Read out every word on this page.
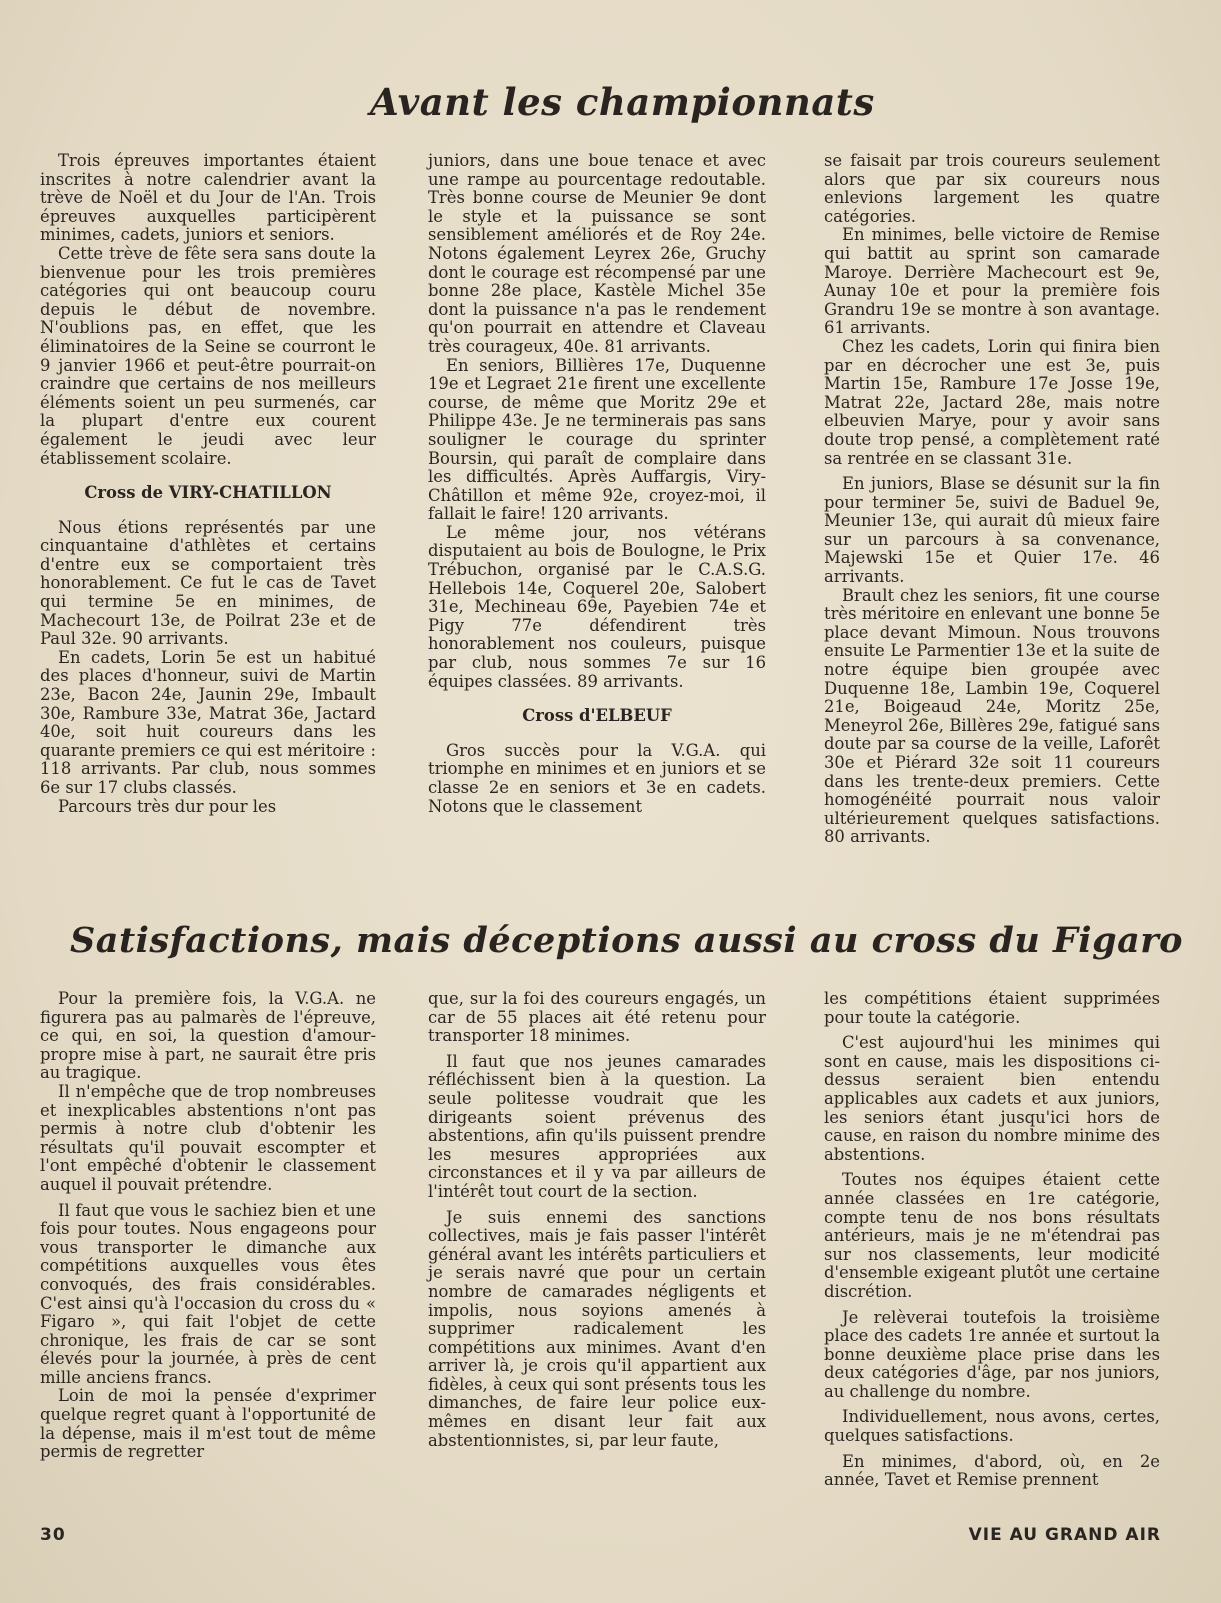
Avant les championnats

Trois épreuves importantes étaient inscrites à notre calendrier avant la trève de Noël et du Jour de l'An. Trois épreuves auxquelles participèrent minimes, cadets, juniors et seniors.

Cette trève de fête sera sans doute la bienvenue pour les trois premières catégories qui ont beaucoup couru depuis le début de novembre. N'oublions pas, en effet, que les éliminatoires de la Seine se courront le 9 janvier 1966 et peut-être pourrait-on craindre que certains de nos meilleurs éléments soient un peu surmenés, car la plupart d'entre eux courent également le jeudi avec leur établissement scolaire.

Cross de VIRY-CHATILLON

Nous étions représentés par une cinquantaine d'athlètes et certains d'entre eux se comportaient très honorablement. Ce fut le cas de Tavet qui termine 5e en minimes, de Machecourt 13e, de Poilrat 23e et de Paul 32e. 90 arrivants.

En cadets, Lorin 5e est un habitué des places d'honneur, suivi de Martin 23e, Bacon 24e, Jaunin 29e, Imbault 30e, Rambure 33e, Matrat 36e, Jactard 40e, soit huit coureurs dans les quarante premiers ce qui est méritoire : 118 arrivants. Par club, nous sommes 6e sur 17 clubs classés.

Parcours très dur pour les

juniors, dans une boue tenace et avec une rampe au pourcentage redoutable. Très bonne course de Meunier 9e dont le style et la puissance se sont sensiblement améliorés et de Roy 24e. Notons également Leyrex 26e, Gruchy dont le courage est récompensé par une bonne 28e place, Kastèle Michel 35e dont la puissance n'a pas le rendement qu'on pourrait en attendre et Claveau très courageux, 40e. 81 arrivants.

En seniors, Billières 17e, Duquenne 19e et Legraet 21e firent une excellente course, de même que Moritz 29e et Philippe 43e. Je ne terminerais pas sans souligner le courage du sprinter Boursin, qui paraît de complaire dans les difficultés. Après Auffargis, Viry-Châtillon et même 92e, croyez-moi, il fallait le faire! 120 arrivants.

Le même jour, nos vétérans disputaient au bois de Boulogne, le Prix Trébuchon, organisé par le C.A.S.G. Hellebois 14e, Coquerel 20e, Salobert 31e, Mechineau 69e, Payebien 74e et Pigy 77e défendirent très honorablement nos couleurs, puisque par club, nous sommes 7e sur 16 équipes classées. 89 arrivants.

Cross d'ELBEUF

Gros succès pour la V.G.A. qui triomphe en minimes et en juniors et se classe 2e en seniors et 3e en cadets. Notons que le classement

se faisait par trois coureurs seulement alors que par six coureurs nous enlevions largement les quatre catégories.

En minimes, belle victoire de Remise qui battit au sprint son camarade Maroye. Derrière Machecourt est 9e, Aunay 10e et pour la première fois Grandru 19e se montre à son avantage. 61 arrivants.

Chez les cadets, Lorin qui finira bien par en décrocher une est 3e, puis Martin 15e, Rambure 17e Josse 19e, Matrat 22e, Jactard 28e, mais notre elbeuvien Marye, pour y avoir sans doute trop pensé, a complètement raté sa rentrée en se classant 31e.

En juniors, Blase se désunit sur la fin pour terminer 5e, suivi de Baduel 9e, Meunier 13e, qui aurait dû mieux faire sur un parcours à sa convenance, Majewski 15e et Quier 17e. 46 arrivants.

Brault chez les seniors, fit une course très méritoire en enlevant une bonne 5e place devant Mimoun. Nous trouvons ensuite Le Parmentier 13e et la suite de notre équipe bien groupée avec Duquenne 18e, Lambin 19e, Coquerel 21e, Boigeaud 24e, Moritz 25e, Meneyrol 26e, Billères 29e, fatigué sans doute par sa course de la veille, Laforêt 30e et Piérard 32e soit 11 coureurs dans les trente-deux premiers. Cette homogénéité pourrait nous valoir ultérieurement quelques satisfactions. 80 arrivants.

Satisfactions, mais déceptions aussi au cross du Figaro

Pour la première fois, la V.G.A. ne figurera pas au palmarès de l'épreuve, ce qui, en soi, la question d'amour-propre mise à part, ne saurait être pris au tragique.

Il n'empêche que de trop nombreuses et inexplicables abstentions n'ont pas permis à notre club d'obtenir les résultats qu'il pouvait escompter et l'ont empêché d'obtenir le classement auquel il pouvait prétendre.

Il faut que vous le sachiez bien et une fois pour toutes. Nous engageons pour vous transporter le dimanche aux compétitions auxquelles vous êtes convoqués, des frais considérables. C'est ainsi qu'à l'occasion du cross du « Figaro », qui fait l'objet de cette chronique, les frais de car se sont élevés pour la journée, à près de cent mille anciens francs.

Loin de moi la pensée d'exprimer quelque regret quant à l'opportunité de la dépense, mais il m'est tout de même permis de regretter

que, sur la foi des coureurs engagés, un car de 55 places ait été retenu pour transporter 18 minimes.

Il faut que nos jeunes camarades réfléchissent bien à la question. La seule politesse voudrait que les dirigeants soient prévenus des abstentions, afin qu'ils puissent prendre les mesures appropriées aux circonstances et il y va par ailleurs de l'intérêt tout court de la section.

Je suis ennemi des sanctions collectives, mais je fais passer l'intérêt général avant les intérêts particuliers et je serais navré que pour un certain nombre de camarades négligents et impolis, nous soyions amenés à supprimer radicalement les compétitions aux minimes. Avant d'en arriver là, je crois qu'il appartient aux fidèles, à ceux qui sont présents tous les dimanches, de faire leur police eux-mêmes en disant leur fait aux abstentionnistes, si, par leur faute,

les compétitions étaient supprimées pour toute la catégorie.

C'est aujourd'hui les minimes qui sont en cause, mais les dispositions ci-dessus seraient bien entendu applicables aux cadets et aux juniors, les seniors étant jusqu'ici hors de cause, en raison du nombre minime des abstentions.

Toutes nos équipes étaient cette année classées en 1re catégorie, compte tenu de nos bons résultats antérieurs, mais je ne m'étendrai pas sur nos classements, leur modicité d'ensemble exigeant plutôt une certaine discrétion.

Je relèverai toutefois la troisième place des cadets 1re année et surtout la bonne deuxième place prise dans les deux catégories d'âge, par nos juniors, au challenge du nombre.

Individuellement, nous avons, certes, quelques satisfactions.

En minimes, d'abord, où, en 2e année, Tavet et Remise prennent

30	VIE AU GRAND AIR
